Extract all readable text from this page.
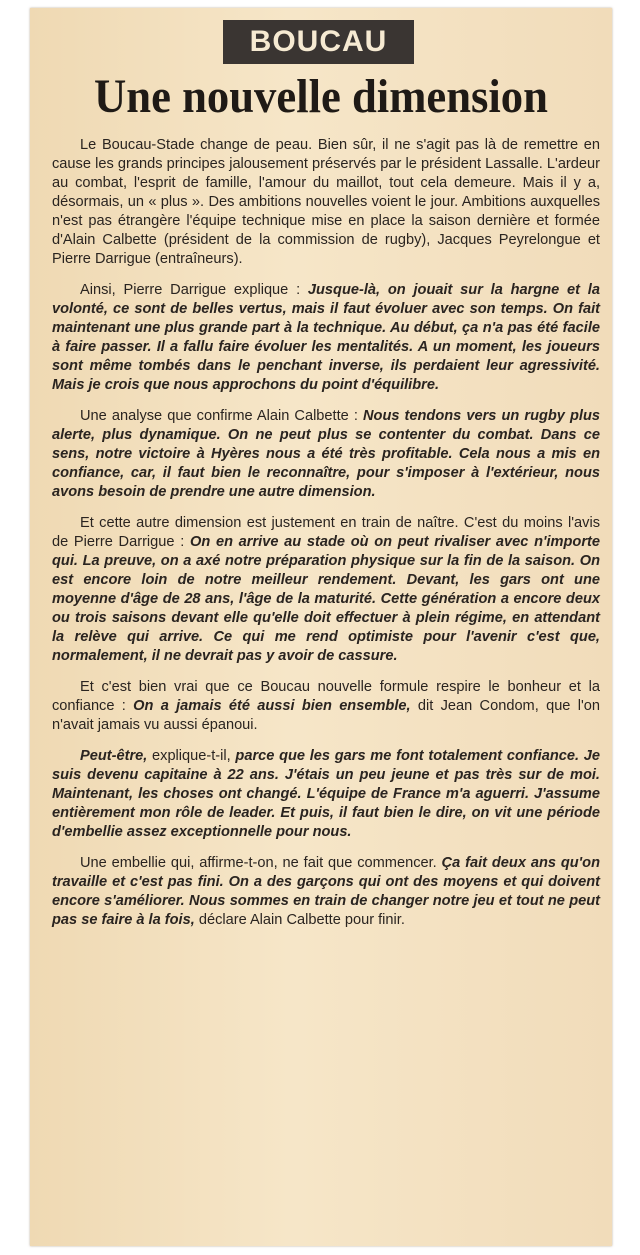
BOUCAU
Une nouvelle dimension

Le Boucau-Stade change de peau. Bien sûr, il ne s'agit pas là de remettre en cause les grands principes jalousement préservés par le président Lassalle. L'ardeur au combat, l'esprit de famille, l'amour du maillot, tout cela demeure. Mais il y a, désormais, un « plus ». Des ambitions nouvelles voient le jour. Ambitions auxquelles n'est pas étrangère l'équipe technique mise en place la saison dernière et formée d'Alain Calbette (président de la commission de rugby), Jacques Peyrelongue et Pierre Darrigue (entraîneurs).

Ainsi, Pierre Darrigue explique : Jusque-là, on jouait sur la hargne et la volonté, ce sont de belles vertus, mais il faut évoluer avec son temps. On fait maintenant une plus grande part à la technique. Au début, ça n'a pas été facile à faire passer. Il a fallu faire évoluer les mentalités. A un moment, les joueurs sont même tombés dans le penchant inverse, ils perdaient leur agressivité. Mais je crois que nous approchons du point d'équilibre.

Une analyse que confirme Alain Calbette : Nous tendons vers un rugby plus alerte, plus dynamique. On ne peut plus se contenter du combat. Dans ce sens, notre victoire à Hyères nous a été très profitable. Cela nous a mis en confiance, car, il faut bien le reconnaître, pour s'imposer à l'extérieur, nous avons besoin de prendre une autre dimension.

Et cette autre dimension est justement en train de naître. C'est du moins l'avis de Pierre Darrigue : On en arrive au stade où on peut rivaliser avec n'importe qui. La preuve, on a axé notre préparation physique sur la fin de la saison. On est encore loin de notre meilleur rendement. Devant, les gars ont une moyenne d'âge de 28 ans, l'âge de la maturité. Cette génération a encore deux ou trois saisons devant elle qu'elle doit effectuer à plein régime, en attendant la relève qui arrive. Ce qui me rend optimiste pour l'avenir c'est que, normalement, il ne devrait pas y avoir de cassure.

Et c'est bien vrai que ce Boucau nouvelle formule respire le bonheur et la confiance : On a jamais été aussi bien ensemble, dit Jean Condom, que l'on n'avait jamais vu aussi épanoui.

Peut-être, explique-t-il, parce que les gars me font totalement confiance. Je suis devenu capitaine à 22 ans. J'étais un peu jeune et pas très sur de moi. Maintenant, les choses ont changé. L'équipe de France m'a aguerri. J'assume entièrement mon rôle de leader. Et puis, il faut bien le dire, on vit une période d'embellie assez exceptionnelle pour nous.

Une embellie qui, affirme-t-on, ne fait que commencer. Ça fait deux ans qu'on travaille et c'est pas fini. On a des garçons qui ont des moyens et qui doivent encore s'améliorer. Nous sommes en train de changer notre jeu et tout ne peut pas se faire à la fois, déclare Alain Calbette pour finir.
